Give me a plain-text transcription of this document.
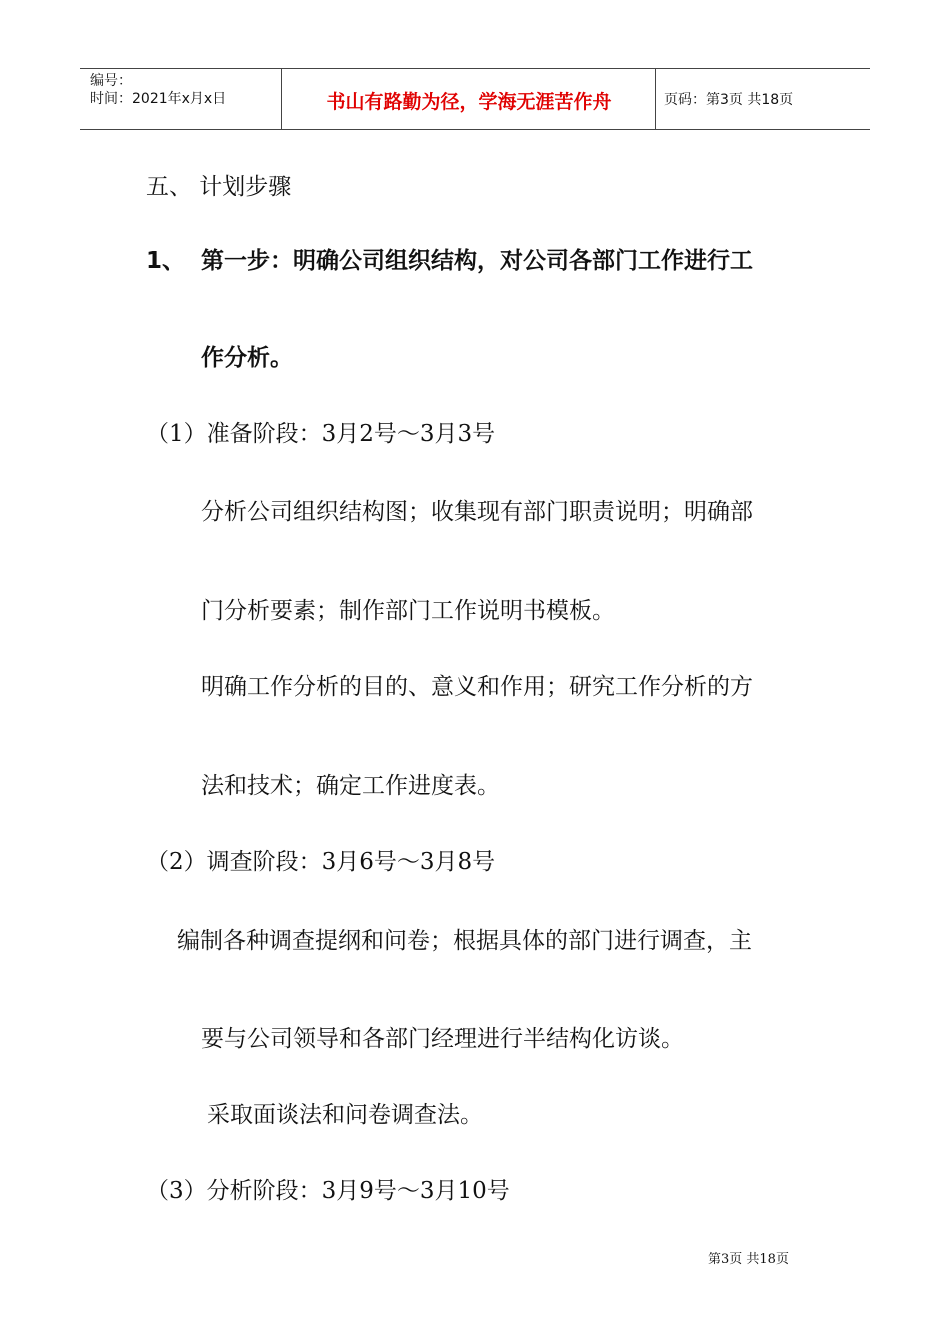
编号：
时间：2021年x月x日	书山有路勤为径，学海无涯苦作舟	页码：第3页 共18页
五、 计划步骤
1、 第一步：明确公司组织结构，对公司各部门工作进行工
作分析。
（1）准备阶段：3月2号～3月3号
分析公司组织结构图；收集现有部门职责说明；明确部
门分析要素；制作部门工作说明书模板。
明确工作分析的目的、意义和作用；研究工作分析的方
法和技术；确定工作进度表。
（2）调查阶段：3月6号～3月8号
编制各种调查提纲和问卷；根据具体的部门进行调查，主
要与公司领导和各部门经理进行半结构化访谈。
采取面谈法和问卷调查法。
（3）分析阶段：3月9号～3月10号
第3页 共18页
